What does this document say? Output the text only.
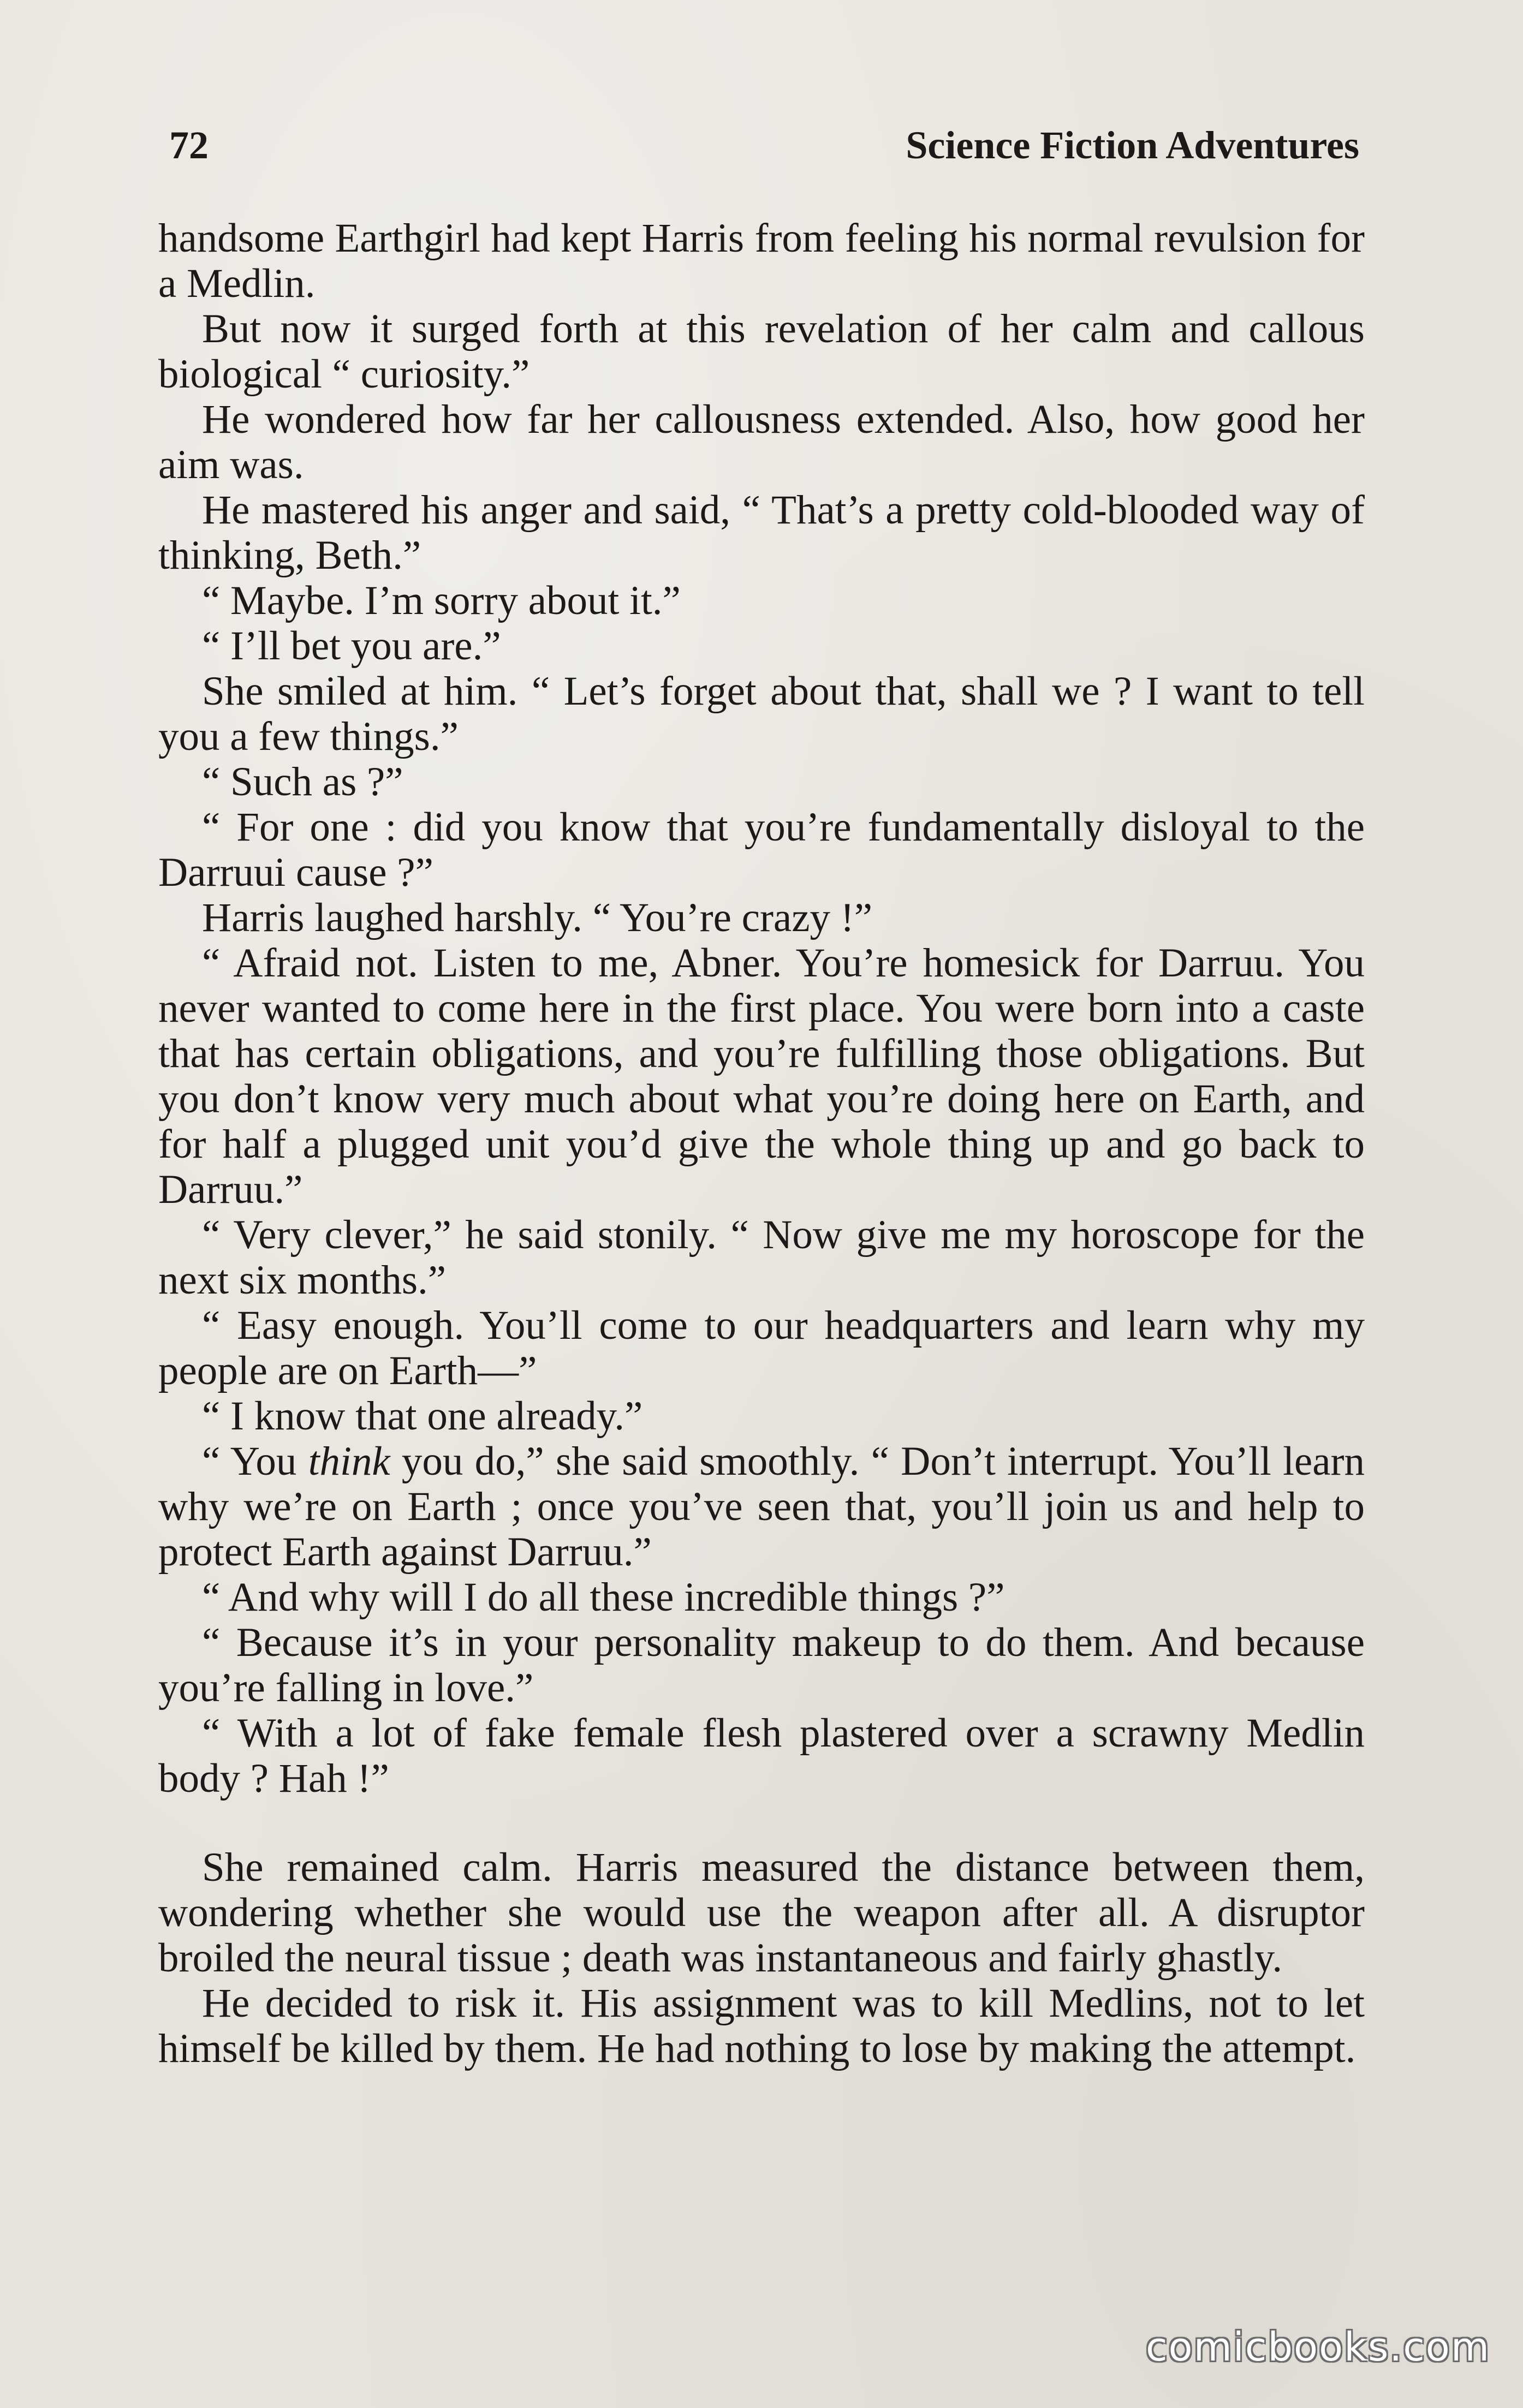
72	Science Fiction Adventures

handsome Earthgirl had kept Harris from feeling his normal revulsion for a Medlin.

But now it surged forth at this revelation of her calm and callous biological “ curiosity.”

He wondered how far her callousness extended. Also, how good her aim was.

He mastered his anger and said, “ That’s a pretty cold-blooded way of thinking, Beth.”

“ Maybe. I’m sorry about it.”

“ I’ll bet you are.”

She smiled at him. “ Let’s forget about that, shall we ? I want to tell you a few things.”

“ Such as ?”

“ For one : did you know that you’re fundamentally disloyal to the Darruui cause ?”

Harris laughed harshly. “ You’re crazy !”

“ Afraid not. Listen to me, Abner. You’re homesick for Darruu. You never wanted to come here in the first place. You were born into a caste that has certain obligations, and you’re fulfilling those obligations. But you don’t know very much about what you’re doing here on Earth, and for half a plugged unit you’d give the whole thing up and go back to Darruu.”

“ Very clever,” he said stonily. “ Now give me my horoscope for the next six months.”

“ Easy enough. You’ll come to our headquarters and learn why my people are on Earth—”

“ I know that one already.”

“ You think you do,” she said smoothly. “ Don’t interrupt. You’ll learn why we’re on Earth ; once you’ve seen that, you’ll join us and help to protect Earth against Darruu.”

“ And why will I do all these incredible things ?”

“ Because it’s in your personality makeup to do them. And because you’re falling in love.”

“ With a lot of fake female flesh plastered over a scrawny Medlin body ? Hah !”

She remained calm. Harris measured the distance between them, wondering whether she would use the weapon after all. A disruptor broiled the neural tissue ; death was instantaneous and fairly ghastly.

He decided to risk it. His assignment was to kill Medlins, not to let himself be killed by them. He had nothing to lose by making the attempt.

comicbooks.com
